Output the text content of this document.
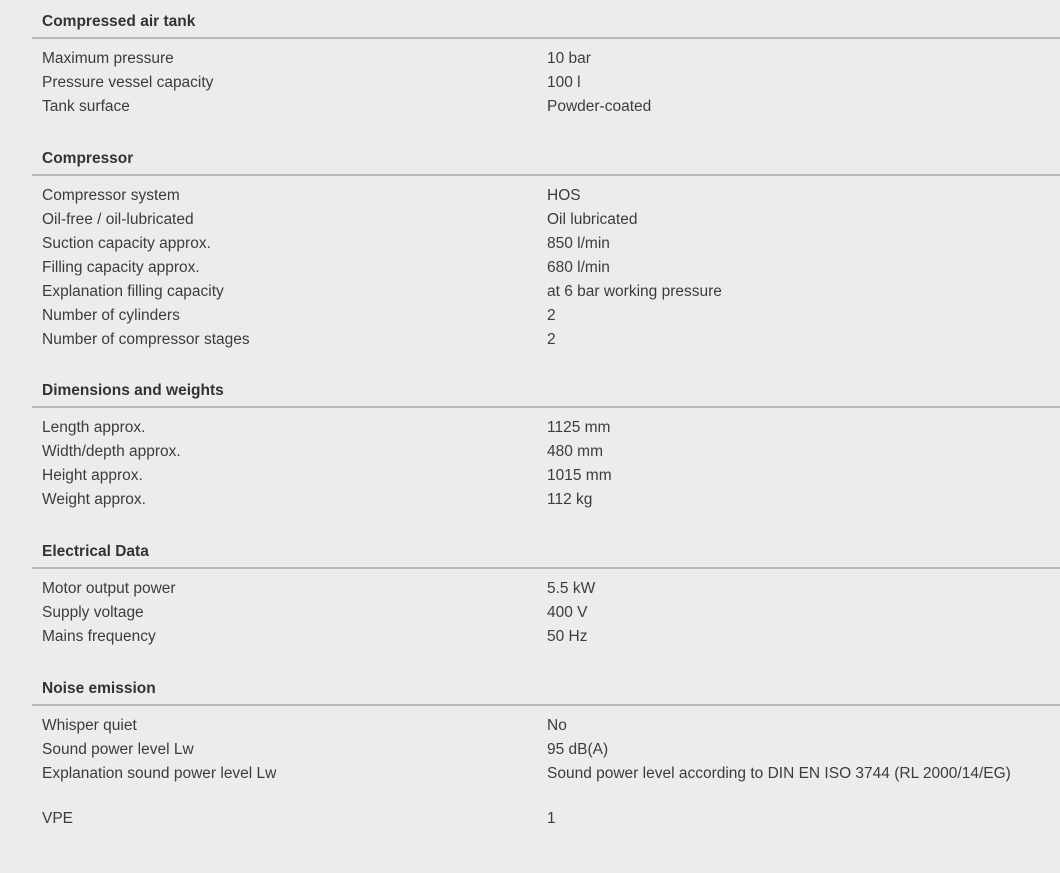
Compressed air tank
Maximum pressure	10 bar
Pressure vessel capacity	100 l
Tank surface	Powder-coated
Compressor
Compressor system	HOS
Oil-free / oil-lubricated	Oil lubricated
Suction capacity approx.	850 l/min
Filling capacity approx.	680 l/min
Explanation filling capacity	at 6 bar working pressure
Number of cylinders	2
Number of compressor stages	2
Dimensions and weights
Length approx.	1125 mm
Width/depth approx.	480 mm
Height approx.	1015 mm
Weight approx.	112 kg
Electrical Data
Motor output power	5.5 kW
Supply voltage	400 V
Mains frequency	50 Hz
Noise emission
Whisper quiet	No
Sound power level Lw	95 dB(A)
Explanation sound power level Lw	Sound power level according to DIN EN ISO 3744 (RL 2000/14/EG)
VPE	1
